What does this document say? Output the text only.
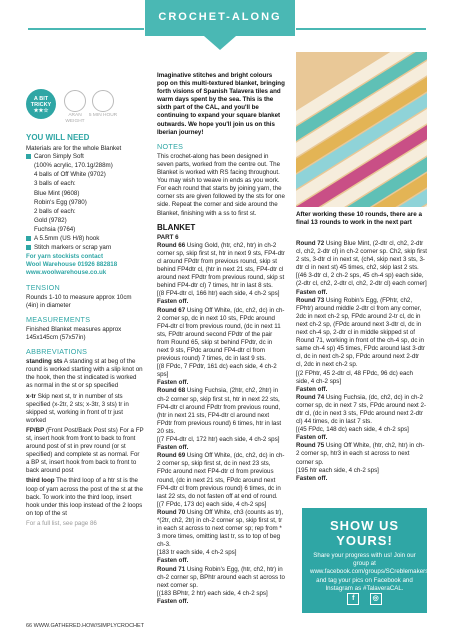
CROCHET-ALONG
A BIT
TRICKY
★★☆
ARAN WEIGHT
5 MIN HOUR
YOU WILL NEED

Materials are for the whole Blanket

Caron Simply Soft
(100% acrylic, 170.1g/288m)
4 balls of Off White (9702)
3 balls of each:
Blue Mint (9608)
Robin's Egg (9780)
2 balls of each:
Gold (9782)
Fuchsia (9764)
A 5.5mm (US H/8) hook
Stitch markers or scrap yarn

For yarn stockists contact

Wool Warehouse 01926 882818

www.woolwarehouse.co.uk

TENSION

Rounds 1-10 to measure approx 10cm (4in) in diameter

MEASUREMENTS

Finished Blanket measures approx 145x145cm (57x57in)

ABBREVIATIONS

standing sts A standing st at beg of the round is worked starting with a slip knot on the hook, then the st indicated is worked as normal in the st or sp specified

x-tr Skip next st, tr in number of sts specified (x-2tr, 2 sts; x-3tr, 3 sts) tr in skipped st, working in front of tr just worked

FP/BP (Front Post/Back Post sts) For a FP st, insert hook from front to back to front around post of st in prev round (or st specified) and complete st as normal. For a BP st, insert hook from back to front to back around post

third loop The third loop of a htr st is the loop of yarn across the post of the st at the back. To work into the third loop, insert hook under this loop instead of the 2 loops on top of the st

For a full list, see page 86

Imaginative stitches and bright colours pop on this multi-textured blanket, bringing forth visions of Spanish Talavera tiles and warm days spent by the sea. This is the sixth part of the CAL, and you'll be continuing to expand your square blanket outwards. We hope you'll join us on this Iberian journey!

NOTES

This crochet-along has been designed in seven parts, worked from the centre out. The Blanket is worked with RS facing throughout. You may wish to weave in ends as you work. For each round that starts by joining yarn, the corner sts are given followed by the sts for one side. Repeat the corner and side around the Blanket, finishing with a ss to first st.

BLANKET

PART 6

Round 66 Using Gold, (htr, ch2, htr) in ch-2 corner sp, skip first st, htr in next 9 sts, FP4-dtr cl around FPdtr from previous round, skip st behind FP4dtr cl, (htr in next 21 sts, FP4-dtr cl around next FPdtr from previous round, skip st behind FP4-dtr cl) 7 times, htr in last 8 sts.

[(8 FP4-dtr cl, 166 htr) each side, 4 ch-2 sps]

Fasten off.

Round 67 Using Off White, (dc, ch2, dc) in ch-2 corner sp, dc in next 10 sts, FPdc around FP4-dtr cl from previous round, (dc in next 11 sts, FPdtr around second FPdtr of the pair from Round 65, skip st behind FPdtr, dc in next 9 sts, FPdc around FP4-dtr cl from previous round) 7 times, dc in last 9 sts.

[(8 FPdc, 7 FPdtr, 161 dc) each side, 4 ch-2 sps]

Fasten off.

Round 68 Using Fuchsia, (2htr, ch2, 2htr) in ch-2 corner sp, skip first st, htr in next 22 sts, FP4-dtr cl around FPdtr from previous round, (htr in next 21 sts, FP4-dtr cl around next FPdtr from previous round) 6 times, htr in last 20 sts.

[(7 FP4-dtr cl, 172 htr) each side, 4 ch-2 sps]

Fasten off.

Round 69 Using Off White, (dc, ch2, dc) in ch-2 corner sp, skip first st, dc in next 23 sts, FPdc around next FP4-dtr cl from previous round, (dc in next 21 sts, FPdc around next FP4-dtr cl from previous round) 6 times, dc in last 22 sts, do not fasten off at end of round.

[(7 FPdc, 173 dc) each side, 4 ch-2 sps]

Round 70 Using Off White, ch3 (counts as tr), *(2tr, ch2, 2tr) in ch-2 corner sp, skip first st, tr in each st across to next corner sp; rep from * 3 more times, omitting last tr, ss to top of beg ch-3.

[183 tr each side, 4 ch-2 sps]

Fasten off.

Round 71 Using Robin's Egg, (htr, ch2, htr) in ch-2 corner sp, BPhtr around each st across to next corner sp.

[(183 BPhtr, 2 htr) each side, 4 ch-2 sps]

Fasten off.

After working these 10 rounds, there are a final 13 rounds to work in the next part

Round 72 Using Blue Mint, (2-dtr cl, ch2, 2-dtr cl, ch2, 2-dtr cl) in ch-2 corner sp. Ch2, skip first 2 sts, 3-dtr cl in next st, (ch4, skip next 3 sts, 3-dtr cl in next st) 45 times, ch2, skip last 2 sts.

[(46 3-dtr cl, 2 ch-2 sps, 45 ch-4 sp) each side, (2-dtr cl, ch2, 2-dtr cl, ch2, 2-dtr cl) each corner]

Fasten off.

Round 73 Using Robin's Egg, (FPhtr, ch2, FPhtr) around middle 2-dtr cl from any corner, 2dc in next ch-2 sp, FPdc around 2-tr cl, dc in next ch-2 sp, (FPdc around next 3-dtr cl, dc in next ch-4 sp, 2-dtr cl in middle skipped st of Round 71, working in front of the ch-4 sp, dc in same ch-4 sp) 45 times, FPdc around last 3-dtr cl, dc in next ch-2 sp, FPdc around next 2-dtr cl, 2dc in next ch-2 sp.

[(2 FPhtr, 45 2-dtr cl, 48 FPdc, 96 dc) each side, 4 ch-2 sps]

Fasten off.

Round 74 Using Fuchsia, (dc, ch2, dc) in ch-2 corner sp, dc in next 7 sts, FPdc around next 2-dtr cl, (dc in next 3 sts, FPdc around next 2-dtr cl) 44 times, dc in last 7 sts.

[(45 FPdc, 148 dc) each side, 4 ch-2 sps]

Fasten off.

Round 75 Using Off White, (htr, ch2, htr) in ch-2 corner sp, htr3 in each st across to next corner sp.

[195 htr each side, 4 ch-2 sps]

Fasten off.

SHOW US YOURS!
Share your progress with us! Join our group at www.facebook.com/groups/SCreblemakers and tag your pics on Facebook and Instagram as #TalaveraCAL.
f	◎
66 WWW.GATHERED.HOW/SIMPLYCROCHET
